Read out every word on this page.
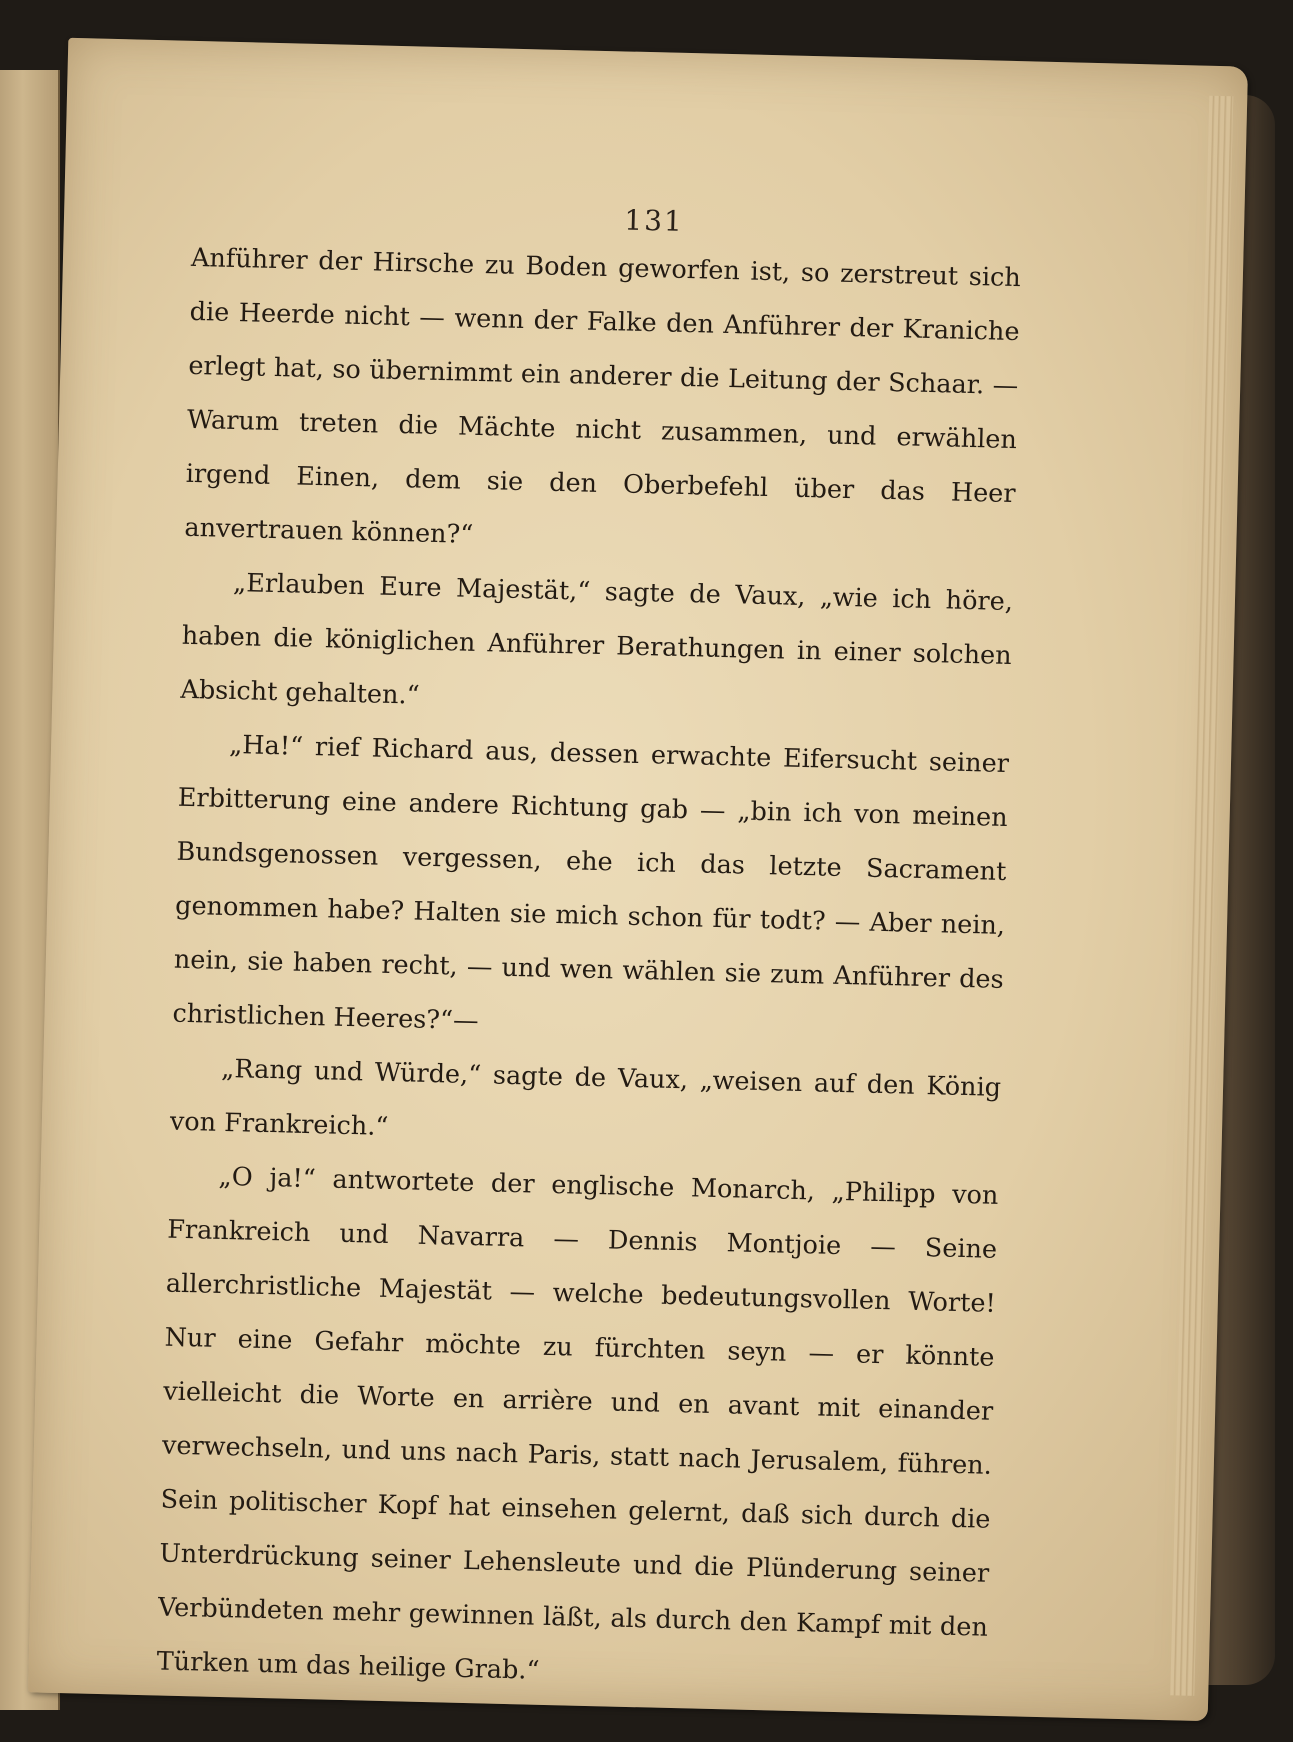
131

Anführer der Hirsche zu Boden geworfen ist, so zerstreut sich die Heerde nicht — wenn der Falke den Anführer der Kraniche erlegt hat, so übernimmt ein anderer die Leitung der Schaar. — Warum treten die Mächte nicht zusammen, und erwählen irgend Einen, dem sie den Oberbefehl über das Heer anvertrauen können?“

„Erlauben Eure Majestät,“ sagte de Vaux, „wie ich höre, haben die königlichen Anführer Berathungen in einer solchen Absicht gehalten.“

„Ha!“ rief Richard aus, dessen erwachte Eifersucht seiner Erbitterung eine andere Richtung gab — „bin ich von meinen Bundsgenossen vergessen, ehe ich das letzte Sacrament genommen habe? Halten sie mich schon für todt? — Aber nein, nein, sie haben recht, — und wen wählen sie zum Anführer des christlichen Heeres?“—

„Rang und Würde,“ sagte de Vaux, „weisen auf den König von Frankreich.“

„O ja!“ antwortete der englische Monarch, „Philipp von Frankreich und Navarra — Dennis Montjoie — Seine allerchristliche Majestät — welche bedeutungsvollen Worte! Nur eine Gefahr möchte zu fürchten seyn — er könnte vielleicht die Worte en arrière und en avant mit einander verwechseln, und uns nach Paris, statt nach Jerusalem, führen. Sein politischer Kopf hat einsehen gelernt, daß sich durch die Unterdrückung seiner Lehensleute und die Plünderung seiner Verbündeten mehr gewinnen läßt, als durch den Kampf mit den Türken um das heilige Grab.“
